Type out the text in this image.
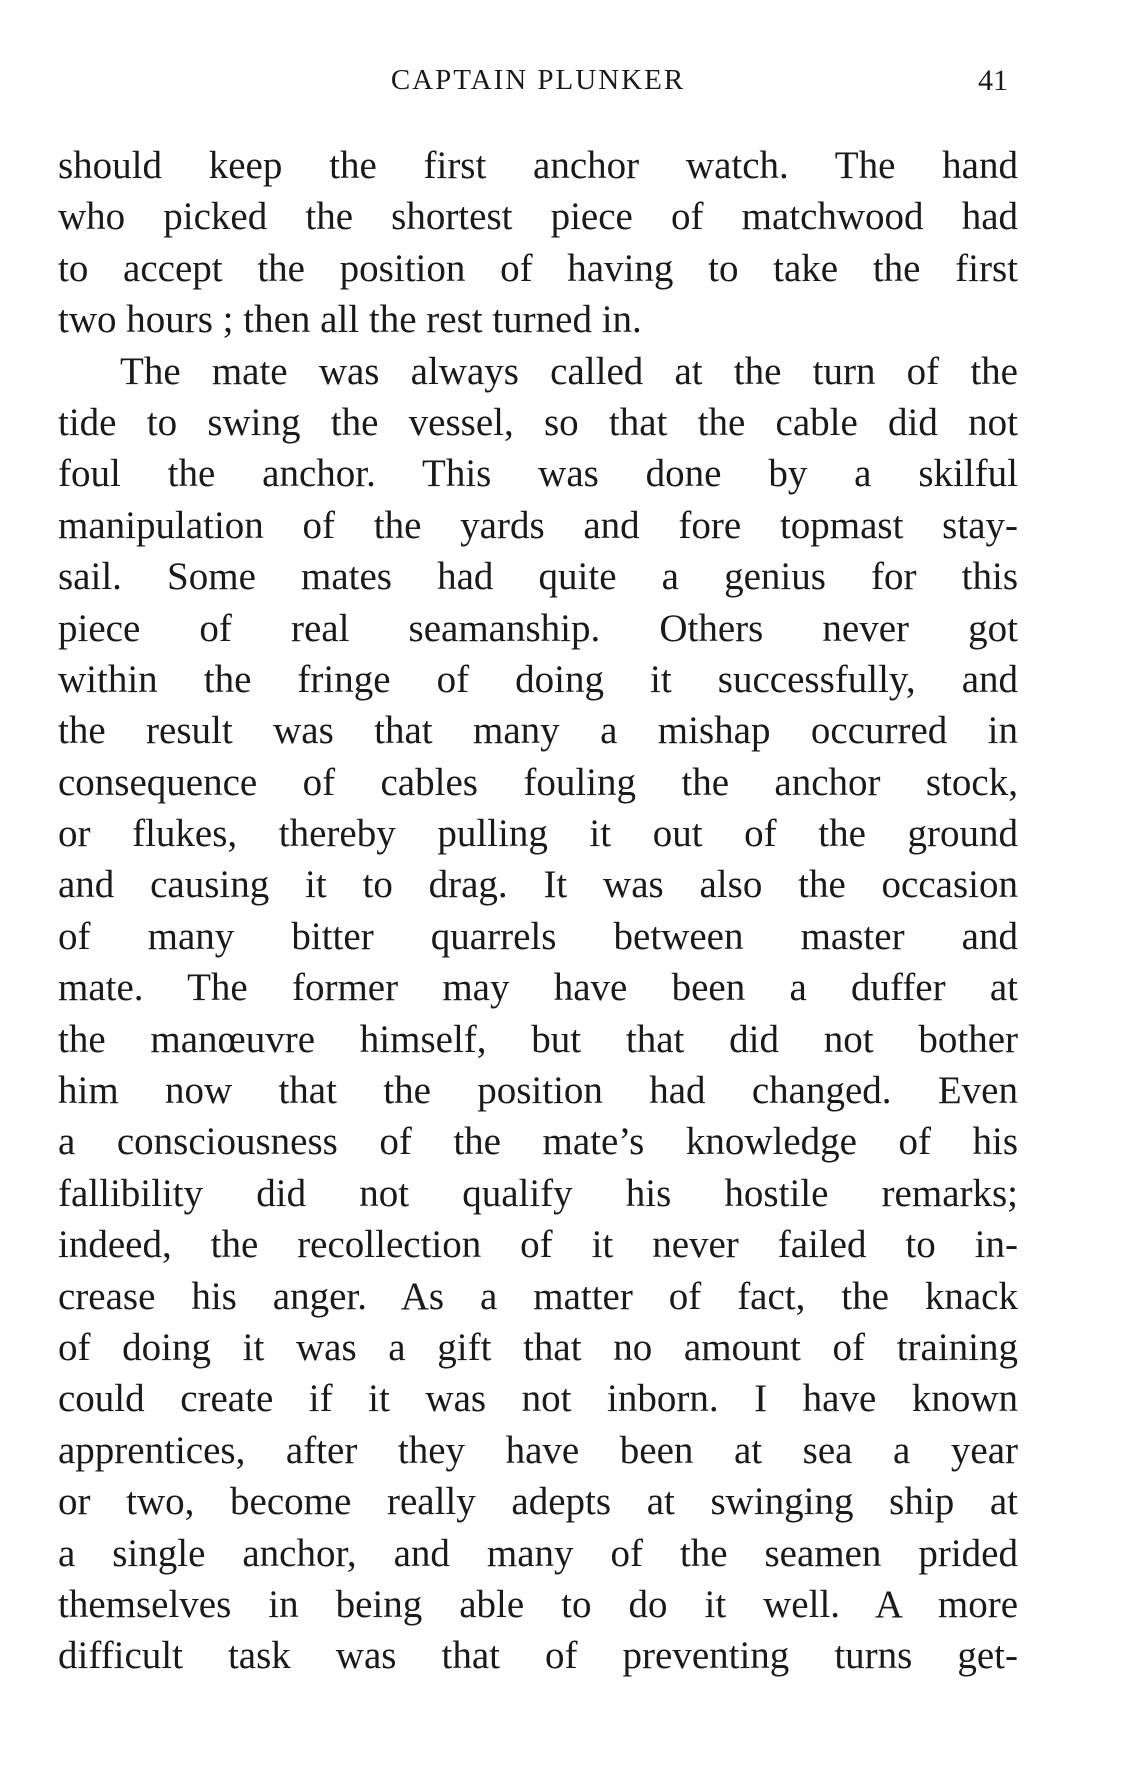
CAPTAIN PLUNKER	41
should keep the first anchor watch. The hand
who picked the shortest piece of matchwood had
to accept the position of having to take the first
two hours ; then all the rest turned in.
The mate was always called at the turn of the
tide to swing the vessel, so that the cable did not
foul the anchor. This was done by a skilful
manipulation of the yards and fore topmast stay-
sail. Some mates had quite a genius for this
piece of real seamanship. Others never got
within the fringe of doing it successfully, and
the result was that many a mishap occurred in
consequence of cables fouling the anchor stock,
or flukes, thereby pulling it out of the ground
and causing it to drag. It was also the occasion
of many bitter quarrels between master and
mate. The former may have been a duffer at
the manœuvre himself, but that did not bother
him now that the position had changed. Even
a consciousness of the mate’s knowledge of his
fallibility did not qualify his hostile remarks;
indeed, the recollection of it never failed to in-
crease his anger. As a matter of fact, the knack
of doing it was a gift that no amount of training
could create if it was not inborn. I have known
apprentices, after they have been at sea a year
or two, become really adepts at swinging ship at
a single anchor, and many of the seamen prided
themselves in being able to do it well. A more
difficult task was that of preventing turns get-
